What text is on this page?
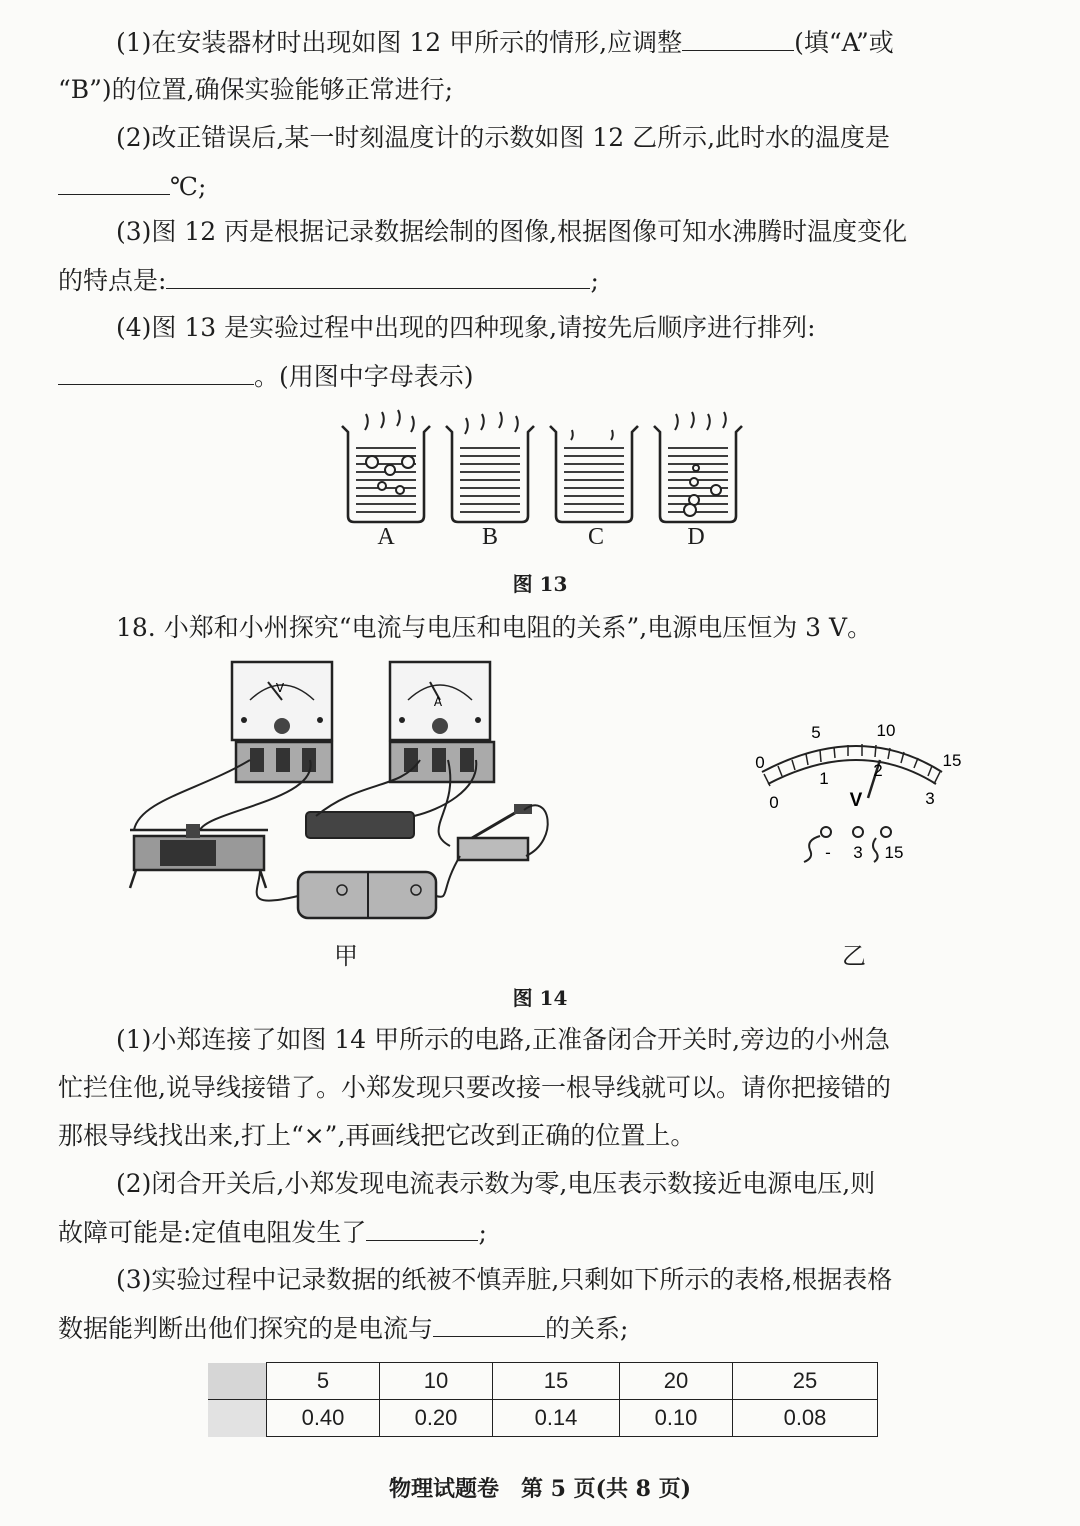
(1)在安装器材时出现如图 12 甲所示的情形,应调整	(填“A”或
“B”)的位置,确保实验能够正常进行;
(2)改正错误后,某一时刻温度计的示数如图 12 乙所示,此时水的温度是
℃;
(3)图 12 丙是根据记录数据绘制的图像,根据图像可知水沸腾时温度变化
的特点是:	;
(4)图 13 是实验过程中出现的四种现象,请按先后顺序进行排列:
。(用图中字母表示)
A	B	C	D
图 13
18. 小郑和小州探究“电流与电压和电阻的关系”,电源电压恒为 3 V。
V
A
甲
0
5	10
15
0
1	2
3
V
- 3 15
乙
图 14
(1)小郑连接了如图 14 甲所示的电路,正准备闭合开关时,旁边的小州急
忙拦住他,说导线接错了。小郑发现只要改接一根导线就可以。请你把接错的
那根导线找出来,打上“×”,再画线把它改到正确的位置上。
(2)闭合开关后,小郑发现电流表示数为零,电压表示数接近电源电压,则
故障可能是:定值电阻发生了	;
(3)实验过程中记录数据的纸被不慎弄脏,只剩如下所示的表格,根据表格
数据能判断出他们探究的是电流与	的关系;
	5	10	15	20	25
	0.40	0.20	0.14	0.10	0.08
物理试题卷　第 5 页(共 8 页)
